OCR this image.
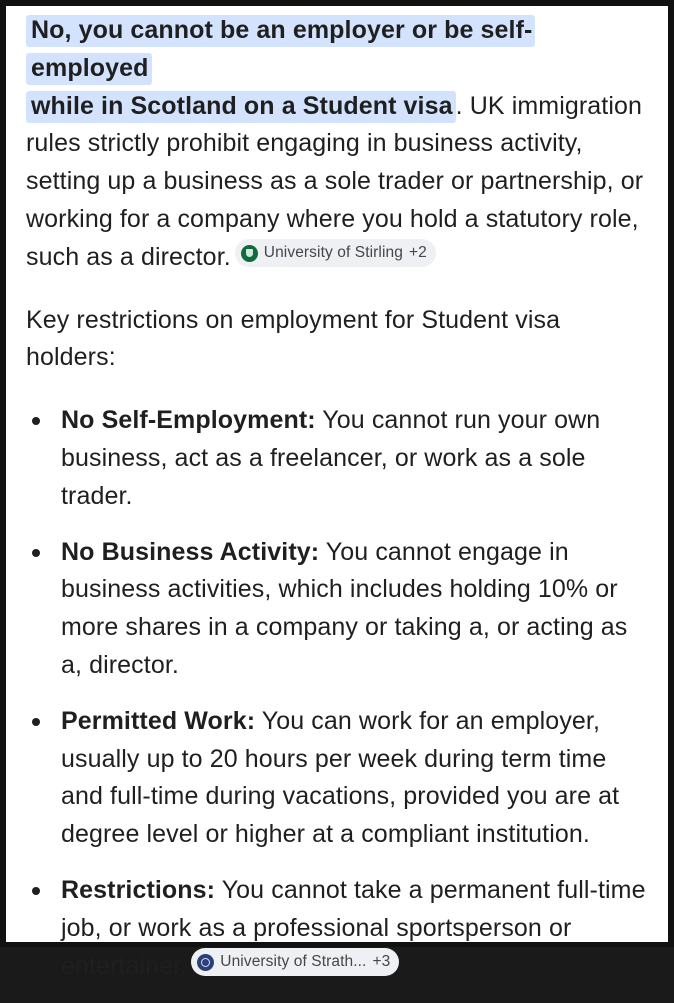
No, you cannot be an employer or be self-employed
while in Scotland on a Student visa . UK immigration rules strictly prohibit engaging in business activity, setting up a business as a sole trader or partnership, or working for a company where you hold a statutory role, such as a director. University of Stirling +2

Key restrictions on employment for Student visa holders:

No Self-Employment: You cannot run your own business, act as a freelancer, or work as a sole trader.
No Business Activity: You cannot engage in business activities, which includes holding 10% or more shares in a company or taking a, or acting as a, director.
Permitted Work: You can work for an employer, usually up to 20 hours per week during term time and full-time during vacations, provided you are at degree level or higher at a compliant institution.
Restrictions: You cannot take a permanent full-time job, or work as a professional sportsperson or entertainer. University of Strath... +3
